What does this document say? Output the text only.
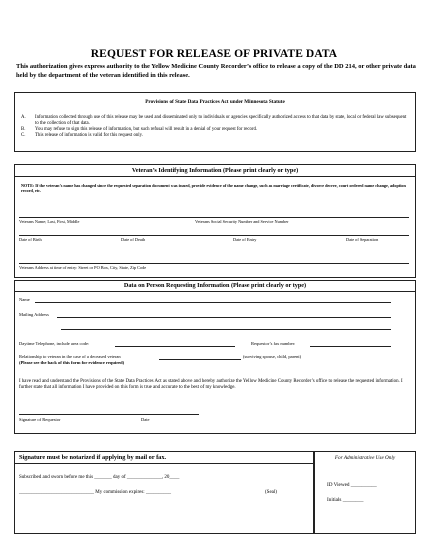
REQUEST FOR RELEASE OF PRIVATE DATA
This authorization gives express authority to the Yellow Medicine County Recorder’s office to release a copy of the DD 214, or other private data held by the department of the veteran identified in this release.
Provisions of State Data Practices Act under Minnesota Statute
A.	Information collected through use of this release may be used and disseminated only to individuals or agencies specifically authorized access to that data by state, local or federal law subsequent to the collection of that data.
B.	You may refuse to sign this release of information, but such refusal will result in a denial of your request for record.
C.	This release of information is valid for this request only.
Veteran’s Identifying Information (Please print clearly or type)
NOTE: If the veteran’s name has changed since the requested separation document was issued, provide evidence of the name change, such as marriage certificate, divorce decree, court ordered name change, adoption record, etc.
Veterans Name; Last, First, Middle	Veterans Social Security Number and Service Number
Date of Birth	Date of Death	Date of Entry	Date of Separation
Veterans Address at time of entry: Street or PO Box, City, State, Zip Code
Data on Person Requesting Information (Please print clearly or type)
Name
Mailing Address
Daytime Telephone, include area code:	Requestor’s fax number:
Relationship to veteran in the case of a deceased veteran	(surviving spouse, child, parent)
(Please see the back of this form for evidence required)
I have read and understand the Provisions of the State Data Practices Act as stated above and hereby authorize the Yellow Medicine County Recorder’s office to release the requested information. I further state that all information I have provided on this form is true and accurate to the best of my knowledge.
Signature of Requestor	Date
Signature must be notarized if applying by mail or fax.
Subscribed and sworn before me this _______ day of ______________, 20____
______________________________ My commission expires: __________	(Seal)
For Administrative Use Only
ID Viewed __________
Initials ________
